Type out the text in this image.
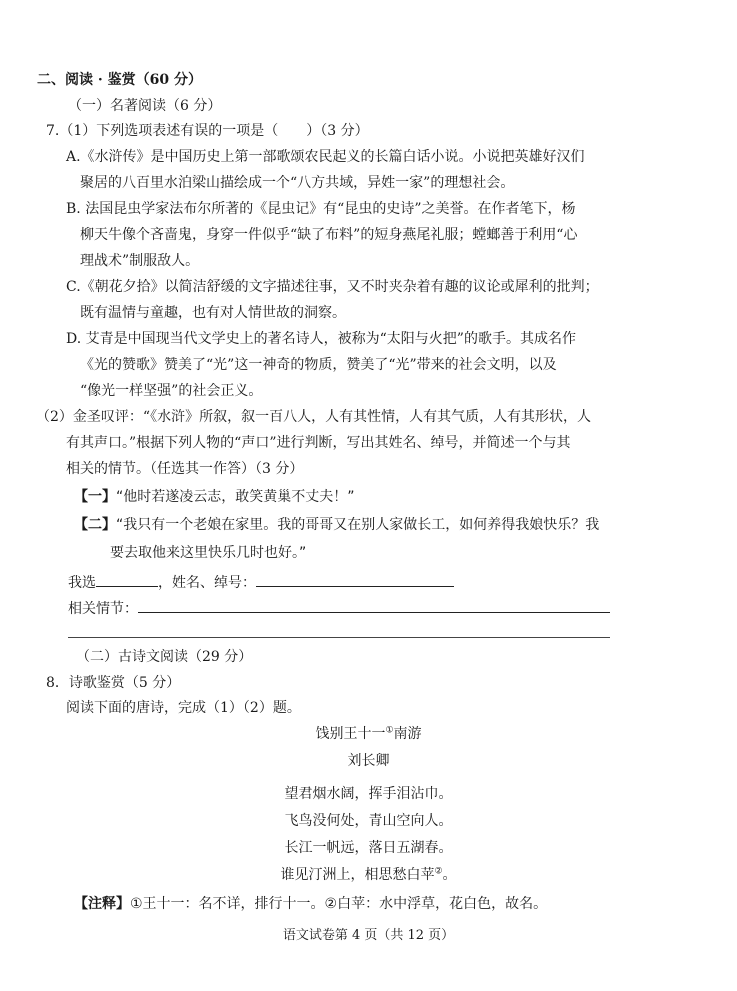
二、阅读 · 鉴赏（60 分）
（一）名著阅读（6 分）
7.（1）下列选项表述有误的一项是（　　）（3 分）
A.《水浒传》是中国历史上第一部歌颂农民起义的长篇白话小说。小说把英雄好汉们
聚居的八百里水泊梁山描绘成一个“八方共域，异姓一家”的理想社会。
B. 法国昆虫学家法布尔所著的《昆虫记》有“昆虫的史诗”之美誉。在作者笔下，杨
柳天牛像个吝啬鬼，身穿一件似乎“缺了布料”的短身燕尾礼服；螳螂善于利用“心
理战术”制服敌人。
C.《朝花夕拾》以简洁舒缓的文字描述往事，又不时夹杂着有趣的议论或犀利的批判；
既有温情与童趣，也有对人情世故的洞察。
D. 艾青是中国现当代文学史上的著名诗人，被称为“太阳与火把”的歌手。其成名作
《光的赞歌》赞美了“光”这一神奇的物质，赞美了“光”带来的社会文明，以及
“像光一样坚强”的社会正义。
（2）金圣叹评：“《水浒》所叙，叙一百八人，人有其性情，人有其气质，人有其形状，人
有其声口。”根据下列人物的“声口”进行判断，写出其姓名、绰号，并简述一个与其
相关的情节。（任选其一作答）（3 分）
【一】“他时若遂凌云志，敢笑黄巢不丈夫！”
【二】“我只有一个老娘在家里。我的哥哥又在别人家做长工，如何养得我娘快乐？我
要去取他来这里快乐几时也好。”
我选	，姓名、绰号：
相关情节：
（二）古诗文阅读（29 分）
8．诗歌鉴赏（5 分）
阅读下面的唐诗，完成（1）（2）题。
饯别王十一①南游
刘长卿
望君烟水阔，挥手泪沾巾。
飞鸟没何处，青山空向人。
长江一帆远，落日五湖春。
谁见汀洲上，相思愁白苹②。
【注释】①王十一：名不详，排行十一。②白苹：水中浮草，花白色，故名。
语文试卷第 4 页（共 12 页）
